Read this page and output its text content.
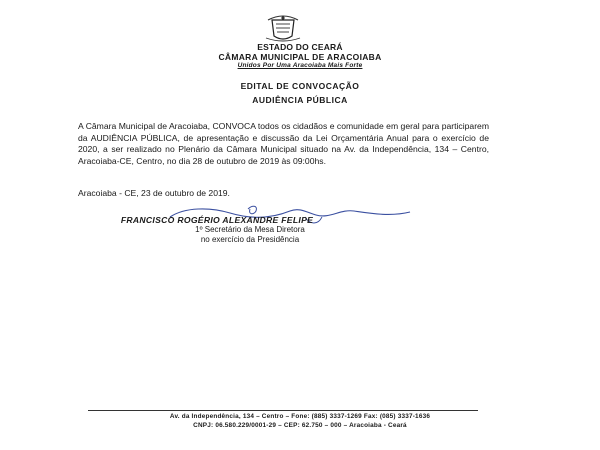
ESTADO DO CEARÁ
CÂMARA MUNICIPAL DE ARACOIABA
Unidos Por Uma Aracoiaba Mais Forte
EDITAL DE CONVOCAÇÃO
AUDIÊNCIA PÚBLICA
A Câmara Municipal de Aracoiaba, CONVOCA todos os cidadãos e comunidade em geral para participarem da AUDIÊNCIA PÚBLICA, de apresentação e discussão da Lei Orçamentária Anual para o exercício de 2020, a ser realizado no Plenário da Câmara Municipal situado na Av. da Independência, 134 – Centro, Aracoiaba-CE, Centro, no dia 28 de outubro de 2019 às 09:00hs.
Aracoiaba - CE, 23 de outubro de 2019.
FRANCISCO ROGÉRIO ALEXANDRE FELIPE
1º Secretário da Mesa Diretora
no exercício da Presidência
Av. da Independência, 134 – Centro – Fone: (885) 3337-1269 Fax: (085) 3337-1636
CNPJ: 06.580.229/0001-29 – CEP: 62.750 – 000 – Aracoiaba - Ceará
